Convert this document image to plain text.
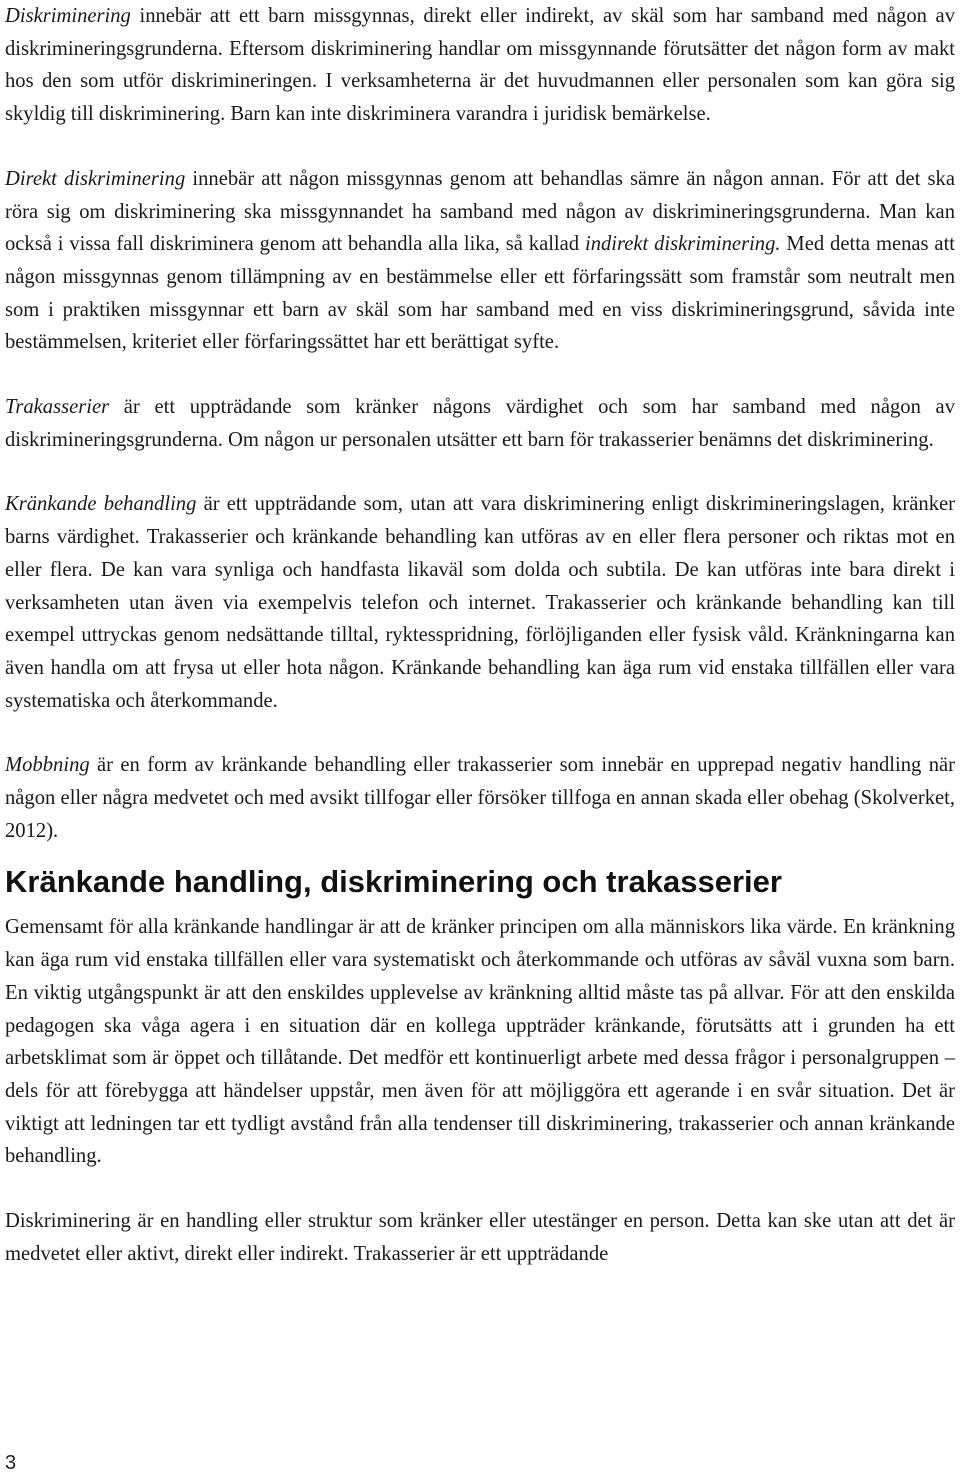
Diskriminering innebär att ett barn missgynnas, direkt eller indirekt, av skäl som har samband med någon av diskrimineringsgrunderna. Eftersom diskriminering handlar om missgynnande förutsätter det någon form av makt hos den som utför diskrimineringen. I verksamheterna är det huvudmannen eller personalen som kan göra sig skyldig till diskriminering. Barn kan inte diskriminera varandra i juridisk bemärkelse.

Direkt diskriminering innebär att någon missgynnas genom att behandlas sämre än någon annan. För att det ska röra sig om diskriminering ska missgynnandet ha samband med någon av diskrimineringsgrunderna. Man kan också i vissa fall diskriminera genom att behandla alla lika, så kallad indirekt diskriminering. Med detta menas att någon missgynnas genom tillämpning av en bestämmelse eller ett förfaringssätt som framstår som neutralt men som i praktiken missgynnar ett barn av skäl som har samband med en viss diskrimineringsgrund, såvida inte bestämmelsen, kriteriet eller förfaringssättet har ett berättigat syfte.

Trakasserier är ett uppträdande som kränker någons värdighet och som har samband med någon av diskrimineringsgrunderna. Om någon ur personalen utsätter ett barn för trakasserier benämns det diskriminering.

Kränkande behandling är ett uppträdande som, utan att vara diskriminering enligt diskrimineringslagen, kränker barns värdighet. Trakasserier och kränkande behandling kan utföras av en eller flera personer och riktas mot en eller flera. De kan vara synliga och handfasta likaväl som dolda och subtila. De kan utföras inte bara direkt i verksamheten utan även via exempelvis telefon och internet. Trakasserier och kränkande behandling kan till exempel uttryckas genom nedsättande tilltal, ryktesspridning, förlöjliganden eller fysisk våld. Kränkningarna kan även handla om att frysa ut eller hota någon. Kränkande behandling kan äga rum vid enstaka tillfällen eller vara systematiska och återkommande.

Mobbning är en form av kränkande behandling eller trakasserier som innebär en upprepad negativ handling när någon eller några medvetet och med avsikt tillfogar eller försöker tillfoga en annan skada eller obehag (Skolverket, 2012).

Kränkande handling, diskriminering och trakasserier

Gemensamt för alla kränkande handlingar är att de kränker principen om alla människors lika värde. En kränkning kan äga rum vid enstaka tillfällen eller vara systematiskt och återkommande och utföras av såväl vuxna som barn. En viktig utgångspunkt är att den enskildes upplevelse av kränkning alltid måste tas på allvar. För att den enskilda pedagogen ska våga agera i en situation där en kollega uppträder kränkande, förutsätts att i grunden ha ett arbetsklimat som är öppet och tillåtande. Det medför ett kontinuerligt arbete med dessa frågor i personalgruppen – dels för att förebygga att händelser uppstår, men även för att möjliggöra ett agerande i en svår situation. Det är viktigt att ledningen tar ett tydligt avstånd från alla tendenser till diskriminering, trakasserier och annan kränkande behandling.

Diskriminering är en handling eller struktur som kränker eller utestänger en person. Detta kan ske utan att det är medvetet eller aktivt, direkt eller indirekt. Trakasserier är ett uppträdande

3
